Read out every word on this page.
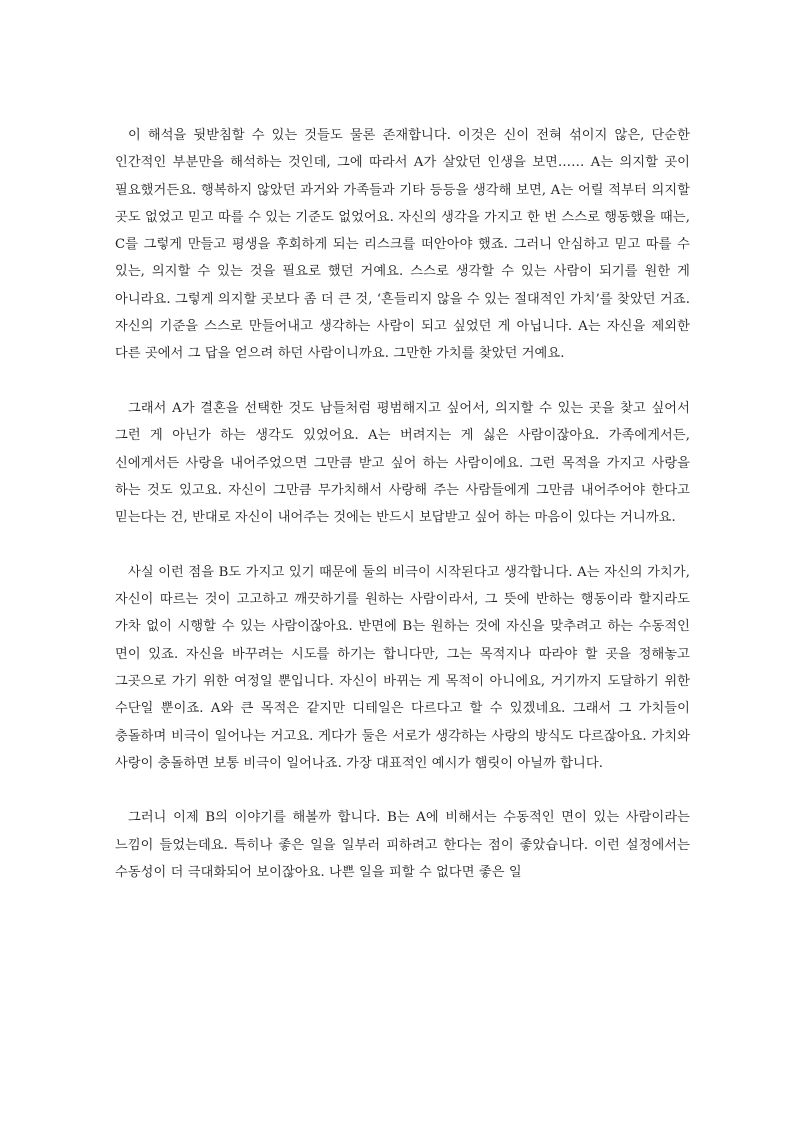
이 해석을 뒷받침할 수 있는 것들도 물론 존재합니다. 이것은 신이 전혀 섞이지 않은, 단순한 인간적인 부분만을 해석하는 것인데, 그에 따라서 A가 살았던 인생을 보면…… A는 의지할 곳이 필요했거든요. 행복하지 않았던 과거와 가족들과 기타 등등을 생각해 보면, A는 어릴 적부터 의지할 곳도 없었고 믿고 따를 수 있는 기준도 없었어요. 자신의 생각을 가지고 한 번 스스로 행동했을 때는, C를 그렇게 만들고 평생을 후회하게 되는 리스크를 떠안아야 했죠. 그러니 안심하고 믿고 따를 수 있는, 의지할 수 있는 것을 필요로 했던 거예요. 스스로 생각할 수 있는 사람이 되기를 원한 게 아니라요. 그렇게 의지할 곳보다 좀 더 큰 것, ‘흔들리지 않을 수 있는 절대적인 가치’를 찾았던 거죠. 자신의 기준을 스스로 만들어내고 생각하는 사람이 되고 싶었던 게 아닙니다. A는 자신을 제외한 다른 곳에서 그 답을 얻으려 하던 사람이니까요. 그만한 가치를 찾았던 거예요.

그래서 A가 결혼을 선택한 것도 남들처럼 평범해지고 싶어서, 의지할 수 있는 곳을 찾고 싶어서 그런 게 아닌가 하는 생각도 있었어요. A는 버려지는 게 싫은 사람이잖아요. 가족에게서든, 신에게서든 사랑을 내어주었으면 그만큼 받고 싶어 하는 사람이에요. 그런 목적을 가지고 사랑을 하는 것도 있고요. 자신이 그만큼 무가치해서 사랑해 주는 사람들에게 그만큼 내어주어야 한다고 믿는다는 건, 반대로 자신이 내어주는 것에는 반드시 보답받고 싶어 하는 마음이 있다는 거니까요.

사실 이런 점을 B도 가지고 있기 때문에 둘의 비극이 시작된다고 생각합니다. A는 자신의 가치가, 자신이 따르는 것이 고고하고 깨끗하기를 원하는 사람이라서, 그 뜻에 반하는 행동이라 할지라도 가차 없이 시행할 수 있는 사람이잖아요. 반면에 B는 원하는 것에 자신을 맞추려고 하는 수동적인 면이 있죠. 자신을 바꾸려는 시도를 하기는 합니다만, 그는 목적지나 따라야 할 곳을 정해놓고 그곳으로 가기 위한 여정일 뿐입니다. 자신이 바뀌는 게 목적이 아니에요, 거기까지 도달하기 위한 수단일 뿐이죠. A와 큰 목적은 같지만 디테일은 다르다고 할 수 있겠네요. 그래서 그 가치들이 충돌하며 비극이 일어나는 거고요. 게다가 둘은 서로가 생각하는 사랑의 방식도 다르잖아요. 가치와 사랑이 충돌하면 보통 비극이 일어나죠. 가장 대표적인 예시가 햄릿이 아닐까 합니다.

그러니 이제 B의 이야기를 해볼까 합니다. B는 A에 비해서는 수동적인 면이 있는 사람이라는 느낌이 들었는데요. 특히나 좋은 일을 일부러 피하려고 한다는 점이 좋았습니다. 이런 설정에서는 수동성이 더 극대화되어 보이잖아요. 나쁜 일을 피할 수 없다면 좋은 일
